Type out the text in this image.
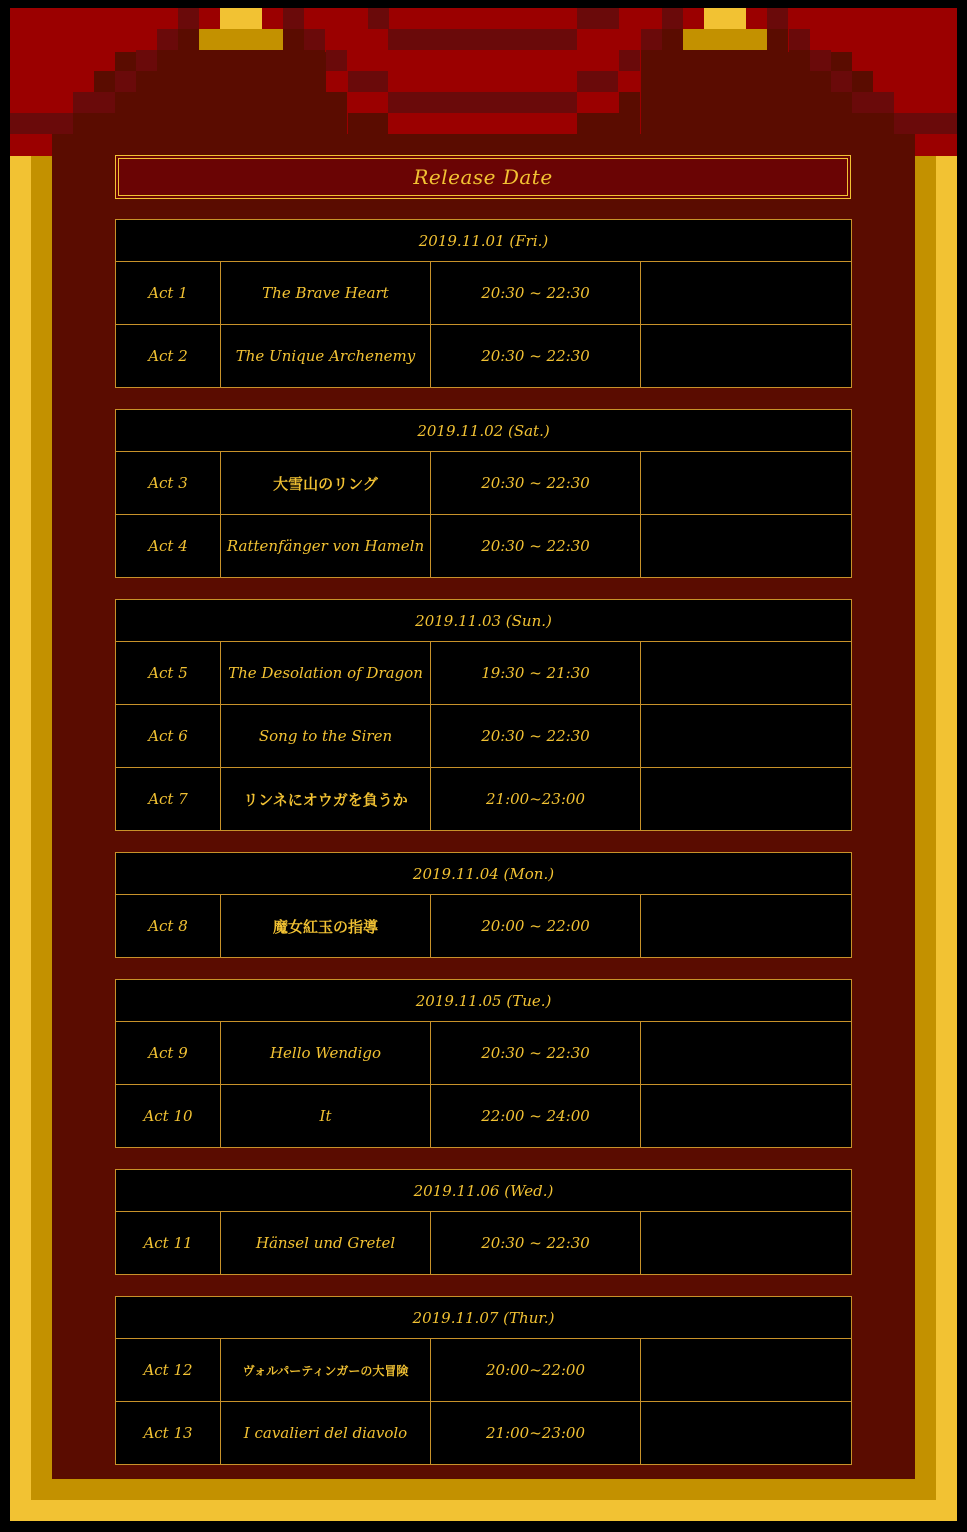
Release Date
2019.11.01 (Fri.)			
Act 1	The Brave Heart	20:30 ~ 22:30	
Act 2	The Unique Archenemy	20:30 ~ 22:30	
2019.11.02 (Sat.)			
Act 3	大雪山のリング	20:30 ~ 22:30	
Act 4	Rattenfänger von Hameln	20:30 ~ 22:30	
2019.11.03 (Sun.)			
Act 5	The Desolation of Dragon	19:30 ~ 21:30	
Act 6	Song to the Siren	20:30 ~ 22:30	
Act 7	リンネにオウガを負うか	21:00~23:00	
2019.11.04 (Mon.)
Act 8	魔女紅玉の指導	20:00 ~ 22:00	
2019.11.05 (Tue.)			
Act 9	Hello Wendigo	20:30 ~ 22:30	
Act 10	It	22:00 ~ 24:00	
2019.11.06 (Wed.)
Act 11	Hänsel und Gretel	20:30 ~ 22:30	
2019.11.07 (Thur.)			
Act 12	ヴォルパーティンガーの大冒険	20:00~22:00	
Act 13	I cavalieri del diavolo	21:00~23:00	
